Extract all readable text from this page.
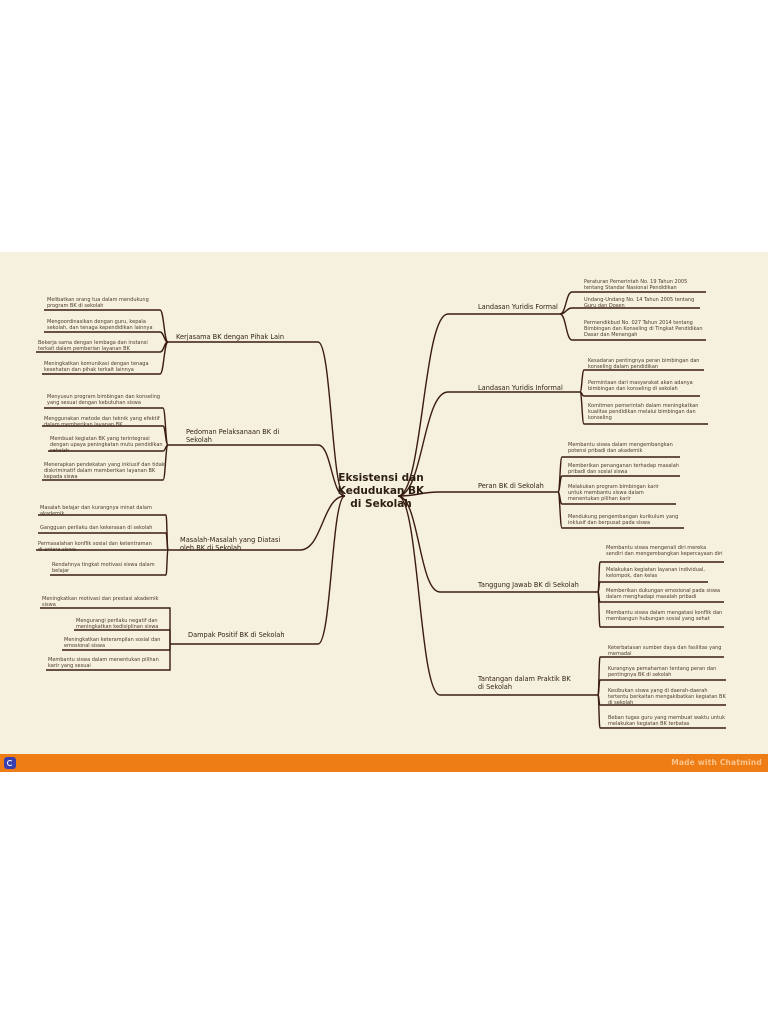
Eksistensi dan Kedudukan BK di Sekolah
Kerjasama BK dengan Pihak Lain
Melibatkan orang tua dalam mendukung program BK di sekolah
Mengoordinasikan dengan guru, kepala sekolah, dan tenaga kependidikan lainnya
Bekerja sama dengan lembaga dan instansi terkait dalam pemberian layanan BK
Meningkatkan komunikasi dengan tenaga kesehatan dan pihak terkait lainnya
Pedoman Pelaksanaan BK di Sekolah
Menyusun program bimbingan dan konseling yang sesuai dengan kebutuhan siswa
Menggunakan metode dan teknik yang efektif dalam memberikan layanan BK
Membuat kegiatan BK yang terintegrasi dengan upaya peningkatan mutu pendidikan sekolah
Menerapkan pendekatan yang inklusif dan tidak diskriminatif dalam memberikan layanan BK kepada siswa
Masalah-Masalah yang Diatasi oleh BK di Sekolah
Masalah belajar dan kurangnya minat dalam akademik
Gangguan perilaku dan kekerasan di sekolah
Permasalahan konflik sosial dan ketentraman di antara siswa
Rendahnya tingkat motivasi siswa dalam belajar
Dampak Positif BK di Sekolah
Meningkatkan motivasi dan prestasi akademik siswa
Mengurangi perilaku negatif dan meningkatkan kedisiplinan siswa
Meningkatkan keterampilan sosial dan emosional siswa
Membantu siswa dalam menentukan pilihan karir yang sesuai
Landasan Yuridis Formal
Peraturan Pemerintah No. 19 Tahun 2005 tentang Standar Nasional Pendidikan
Undang-Undang No. 14 Tahun 2005 tentang Guru dan Dosen
Permendikbud No. 027 Tahun 2014 tentang Bimbingan dan Konseling di Tingkat Pendidikan Dasar dan Menengah
Landasan Yuridis Informal
Kesadaran pentingnya peran bimbingan dan konseling dalam pendidikan
Permintaan dari masyarakat akan adanya bimbingan dan konseling di sekolah
Komitmen pemerintah dalam meningkatkan kualitas pendidikan melalui bimbingan dan konseling
Peran BK di Sekolah
Membantu siswa dalam mengembangkan potensi pribadi dan akademik
Memberikan penanganan terhadap masalah pribadi dan sosial siswa
Melakukan program bimbingan karir untuk membantu siswa dalam menentukan pilihan karir
Mendukung pengembangan kurikulum yang inklusif dan berpusat pada siswa
Tanggung Jawab BK di Sekolah
Membantu siswa mengenali diri mereka sendiri dan mengembangkan kepercayaan diri
Melakukan kegiatan layanan individual, kelompok, dan kelas
Memberikan dukungan emosional pada siswa dalam menghadapi masalah pribadi
Membantu siswa dalam mengatasi konflik dan membangun hubungan sosial yang sehat
Tantangan dalam Praktik BK di Sekolah
Keterbatasan sumber daya dan fasilitas yang memadai
Kurangnya pemahaman tentang peran dan pentingnya BK di sekolah
Kesibukan siswa yang di daerah-daerah tertentu berkaitan mengakibatkan kegiatan BK di sekolah
Beban tugas guru yang membuat waktu untuk melakukan kegiatan BK terbatas
Made with Chatmind
